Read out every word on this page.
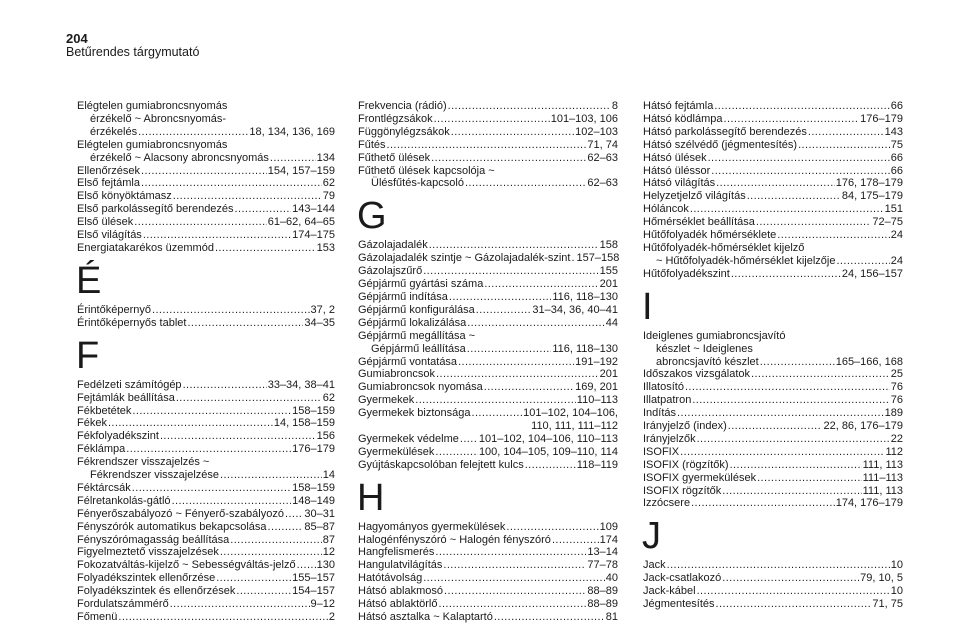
204
Betűrendes tárgymutató
Elégtelen gumiabroncsnyomás
érzékelő ~ Abroncsnyomás-
érzékelés .....	18, 134, 136, 169
Elégtelen gumiabroncsnyomás
érzékelő ~ Alacsony abroncsnyomás .....	134
Ellenőrzések .....	154, 157–159
Első fejtámla .....	62
Első könyöktámasz .....	79
Első parkolássegítő berendezés .....	143–144
Első ülések .....	61–62, 64–65
Első világítás .....	174–175
Energiatakarékos üzemmód .....	153
É
Érintőképernyő .....	37, 2
Érintőképernyős tablet .....	34–35
F
Fedélzeti számítógép .....	33–34, 38–41
Fejtámlák beállítása .....	62
Fékbetétek .....	158–159
Fékek .....	14, 158–159
Fékfolyadékszint .....	156
Féklámpa .....	176–179
Fékrendszer visszajelzés ~
Fékrendszer visszajelzése .....	14
Féktárcsák .....	158–159
Félretankolás-gátló .....	148–149
Fényerőszabályozó ~ Fényerő-szabályozó ..... 30–31
Fényszórók automatikus bekapcsolása .....	85–87
Fényszórómagasság beállítása .....	87
Figyelmeztető visszajelzések .....	12
Fokozatváltás-kijelző ~ Sebességváltás-jelző ..... 130
Folyadékszintek ellenőrzése .....	155–157
Folyadékszintek és ellenőrzések .....	154–157
Fordulatszámmérő .....	9–12
Főmenü .....	2
Frekvencia (rádió) .....	8
Frontlégzsákok .....	101–103, 106
Függönylégzsákok .....	102–103
Fűtés .....	71, 74
Fűthető ülések .....	62–63
Fűthető ülések kapcsolója ~
Ülésfűtés-kapcsoló .....	62–63
G
Gázolajadalék .....	158
Gázolajadalék szintje ~ Gázolajadalék-szint ..... 157–158
Gázolajszűrő .....	155
Gépjármű gyártási száma .....	201
Gépjármű indítása .....	116, 118–130
Gépjármű konfigurálása .....	31–34, 36, 40–41
Gépjármű lokalizálása .....	44
Gépjármű megállítása ~
Gépjármű leállítása .....	116, 118–130
Gépjármű vontatása .....	191–192
Gumiabroncsok .....	201
Gumiabroncsok nyomása .....	169, 201
Gyermekek .....	110–113
Gyermekek biztonsága .....	101–102, 104–106,
110, 111, 111–112
Gyermekek védelme ..... 101–102, 104–106, 110–113
Gyermekülések .....	100, 104–105, 109–110, 114
Gyújtáskapcsolóban felejtett kulcs .....	118–119
H
Hagyományos gyermekülések .....	109
Halogénfényszóró ~ Halogén fényszóró .....	174
Hangfelismerés .....	13–14
Hangulatvilágítás .....	77–78
Hatótávolság .....	40
Hátsó ablakmosó .....	88–89
Hátsó ablaktörlő .....	88–89
Hátsó asztalka ~ Kalaptartó .....	81
Hátsó fejtámla .....	66
Hátsó ködlámpa .....	176–179
Hátsó parkolássegítő berendezés .....	143
Hátsó szélvédő (jégmentesítés) .....	75
Hátsó ülések .....	66
Hátsó üléssor .....	66
Hátsó világítás .....	176, 178–179
Helyzetjelző világítás .....	84, 175–179
Hóláncok .....	151
Hőmérséklet beállítása .....	72–75
Hűtőfolyadék hőmérséklete .....	24
Hűtőfolyadék-hőmérséklet kijelző
~ Hűtőfolyadék-hőmérséklet kijelzője .....	24
Hűtőfolyadékszint .....	24, 156–157
I
Ideiglenes gumiabroncsjavító
készlet ~ Ideiglenes
abroncsjavító készlet .....	165–166, 168
Időszakos vizsgálatok .....	25
Illatosító .....	76
Illatpatron .....	76
Indítás .....	189
Irányjelző (index) .....	22, 86, 176–179
Irányjelzők .....	22
ISOFIX .....	112
ISOFIX (rögzítők) .....	111, 113
ISOFIX gyermekülések .....	111–113
ISOFIX rögzítők .....	111, 113
Izzócsere .....	174, 176–179
J
Jack .....	10
Jack-csatlakozó .....	79, 10, 5
Jack-kábel .....	10
Jégmentesítés .....	71, 75
